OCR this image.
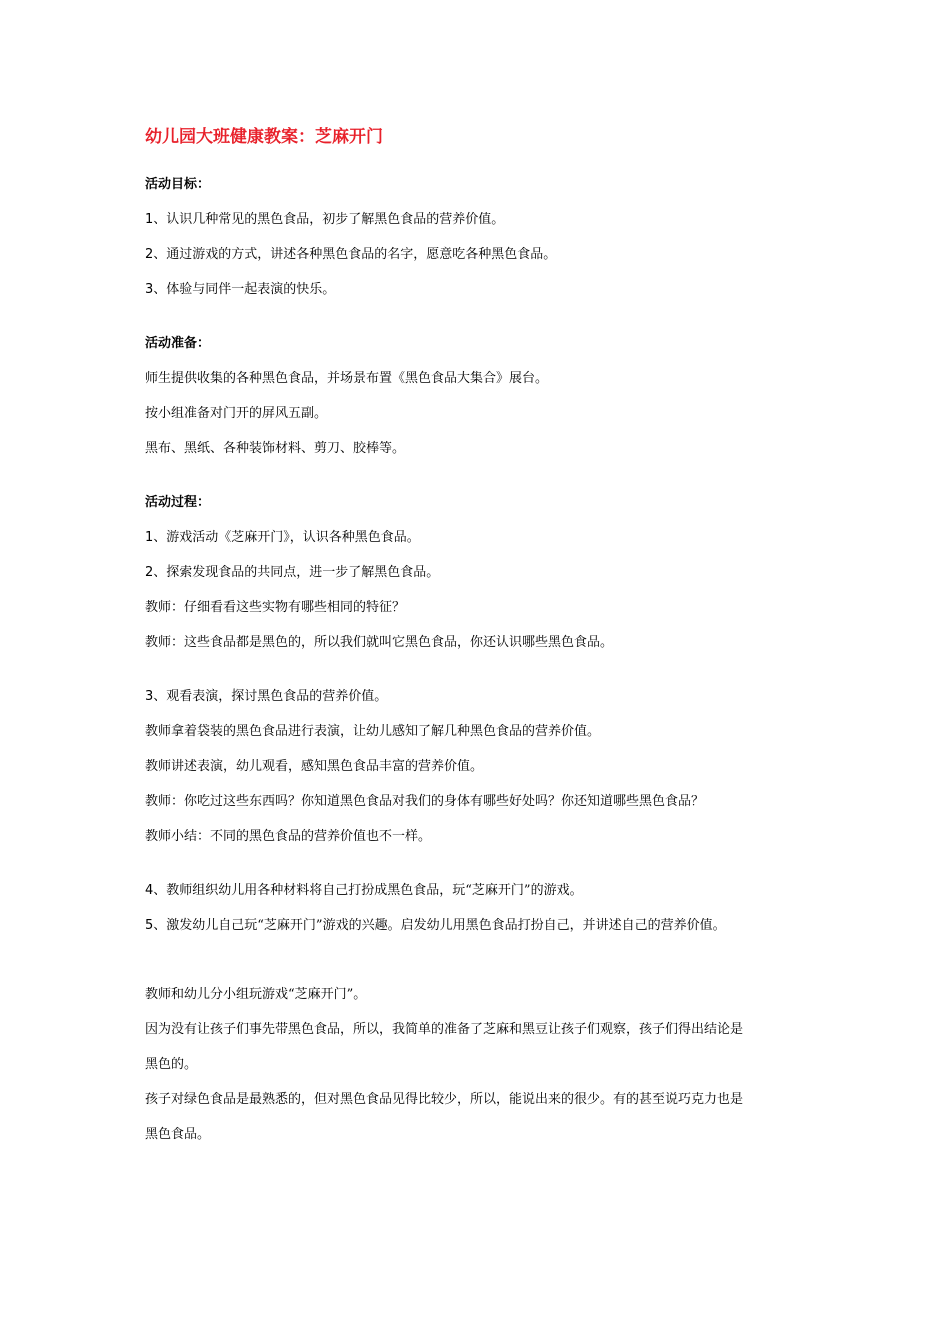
幼儿园大班健康教案：芝麻开门
活动目标：
1、认识几种常见的黑色食品，初步了解黑色食品的营养价值。
2、通过游戏的方式，讲述各种黑色食品的名字，愿意吃各种黑色食品。
3、体验与同伴一起表演的快乐。
活动准备：
师生提供收集的各种黑色食品，并场景布置《黑色食品大集合》展台。
按小组准备对门开的屏风五副。
黑布、黑纸、各种装饰材料、剪刀、胶棒等。
活动过程：
1、游戏活动《芝麻开门》，认识各种黑色食品。
2、探索发现食品的共同点，进一步了解黑色食品。
教师：仔细看看这些实物有哪些相同的特征？
教师：这些食品都是黑色的，所以我们就叫它黑色食品，你还认识哪些黑色食品。
3、观看表演，探讨黑色食品的营养价值。
教师拿着袋装的黑色食品进行表演，让幼儿感知了解几种黑色食品的营养价值。
教师讲述表演，幼儿观看，感知黑色食品丰富的营养价值。
教师：你吃过这些东西吗？你知道黑色食品对我们的身体有哪些好处吗？你还知道哪些黑色食品？
教师小结：不同的黑色食品的营养价值也不一样。
4、教师组织幼儿用各种材料将自己打扮成黑色食品，玩“芝麻开门”的游戏。
5、激发幼儿自己玩“芝麻开门”游戏的兴趣。启发幼儿用黑色食品打扮自己，并讲述自己的营养价值。
教师和幼儿分小组玩游戏“芝麻开门”。
因为没有让孩子们事先带黑色食品，所以，我简单的准备了芝麻和黑豆让孩子们观察，孩子们得出结论是
黑色的。
孩子对绿色食品是最熟悉的，但对黑色食品见得比较少，所以，能说出来的很少。有的甚至说巧克力也是
黑色食品。
